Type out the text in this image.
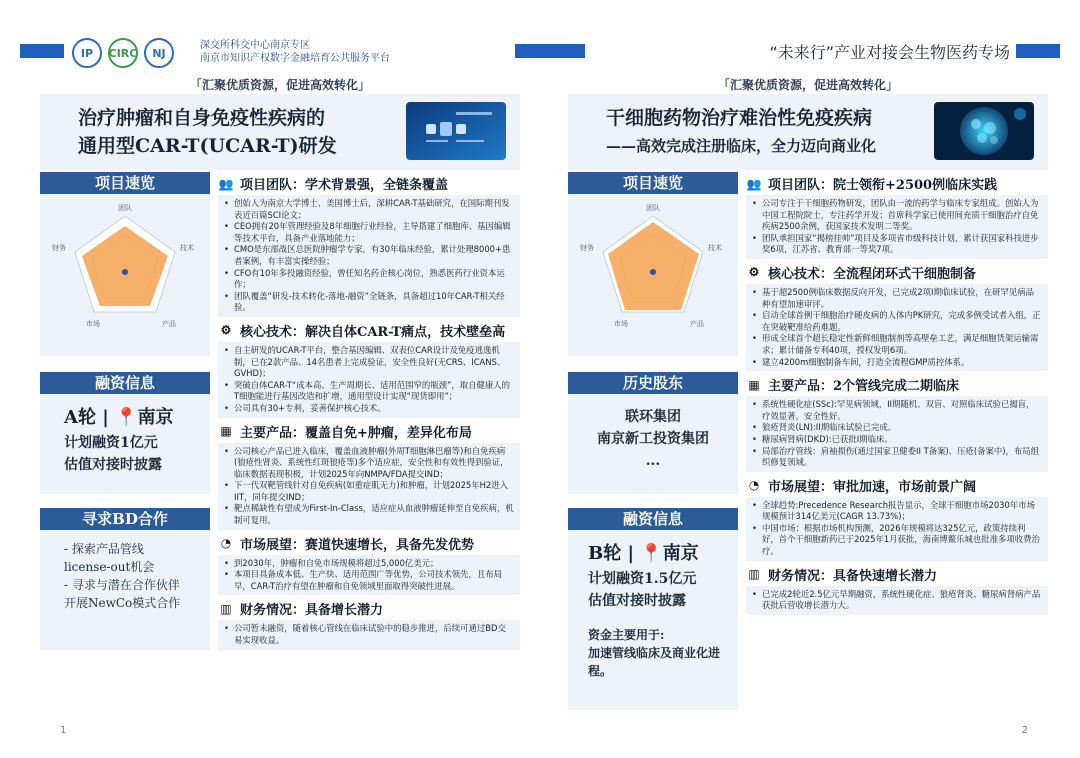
IP	CIRC	NJ
深交所科交中心南京专区
南京市知识产权数字金融培育公共服务平台	“未来行”产业对接会生物医药专场
「汇聚优质资源，促进高效转化」
治疗肿瘤和自身免疫性疾病的
通用型CAR-T(UCAR-T)研发
项目速览
团队
技术
产品
市场
财务
融资信息
A轮 | 📍南京
计划融资1亿元
估值对接时披露
寻求BD合作
- 探索产品管线
license-out机会
- 寻求与潜在合作伙伴
开展NewCo模式合作
👥 项目团队：学术背景强，全链条覆盖
• 创始人为南京大学博士、美国博士后，深耕CAR-T基础研究，在国际期刊发表近百篇SCI论文；
• CEO拥有20年管理经验及8年细胞行业经验，主导搭建了细胞库、基因编辑等技术平台，具备产业落地能力；
• CMO是东部战区总医院肿瘤学专家，有30年临床经验，累计处理8000+患者案例，有丰富实操经验；
• CFO有10年多投融资经验，曾任知名药企核心岗位，熟悉医药行业资本运作；
• 团队覆盖“研发-技术转化-落地-融资”全链条，具备超过10年CAR-T相关经验。
⚙ 核心技术：解决自体CAR-T痛点，技术壁垒高
• 自主研发的UCAR-T平台，整合基因编辑、双表位CAR设计及免疫逃逸机制，已在2款产品、14名患者上完成验证，安全性良好(无CRS、ICANS、GVHD)；
• 突破自体CAR-T“成本高、生产周期长、适用范围窄的瓶颈”，取自健康人的T细胞能进行基因改造和扩增，通用型设计实现“现货即用”；
• 公司具有30+专利，妥善保护核心技术。
▦ 主要产品：覆盖自免+肿瘤，差异化布局
• 公司核心产品已进入临床，覆盖血液肿瘤(外周T细胞淋巴瘤等)和自免疾病(狼疮性肾炎、系统性红斑狼疮等)多个适应症，安全性和有效性得到验证，临床数据表现积极，计划2025年向NMPA/FDA提交IND；
• 下一代双靶管线针对自免疾病(如重症肌无力)和肿瘤，计划2025年H2进入IIT，同年提交IND；
• 靶点稀缺性有望成为First-In-Class，适应症从血液肿瘤延伸至自免疾病，机制可复用。
◔ 市场展望：赛道快速增长，具备先发优势
• 到2030年，肿瘤和自免市场规模将超过5,000亿美元；
• 本项目具备成本低、生产快、适用范围广等优势，公司技术领先，且布局早，CAR-T治疗有望在肿瘤和自免领域里面取得突破性进展。
▥ 财务情况：具备增长潜力
• 公司暂未融资，随着核心管线在临床试验中的稳步推进，后续可通过BD交易实现收益。
1
「汇聚优质资源，促进高效转化」
干细胞药物治疗难治性免疫疾病
——高效完成注册临床，全力迈向商业化
项目速览
团队
技术
产品
市场
财务
历史股东
联环集团
南京新工投资集团
...
融资信息
B轮 | 📍南京
计划融资1.5亿元
估值对接时披露
资金主要用于:
加速管线临床及商业化进程。
👥 项目团队：院士领衔+2500例临床实践
• 公司专注于干细胞药物研发，团队由一流的药学与临床专家组成。创始人为中国工程院院士，专注药学开发；首席科学家已使用间充质干细胞治疗自免疾病2500余例，获国家技术发明二等奖。
• 团队承担国家“揭榜挂帅”项目及多项省市级科技计划，累计获国家科技进步奖6项，江苏省、教育部一等奖7项。
⚙ 核心技术：全流程闭环式干细胞制备
• 基于超2500例临床数据反向开发，已完成2项I期临床试验，在研罕见病品种有望加速审评。
• 启动全球首例干细胞治疗硬皮病的人体内PK研究，完成多例受试者入组，正在突破靶准给药难题。
• 形成全球首个超长稳定性新鲜细胞制剂等高壁垒工艺，满足细胞货架运输需求；累计储备专利40项，授权发明6项。
• 建立4200m细胞制备车间，打造全流程GMP质控体系。
▦ 主要产品：2个管线完成二期临床
• 系统性硬化症(SSc):罕见病领域，II期随机、双盲、对照临床试验已揭盲，疗效显著，安全性好。
• 狼疮肾炎(LN):II期临床试验已完成。
• 糖尿病肾病(DKD):已获批I期临床。
• 局部治疗管线：肩袖损伤(通过国家卫健委II T备案)、压疮(备案中)，布局组织修复领域。
◔ 市场展望：审批加速，市场前景广阔
• 全球趋势:Precedence Research报告显示，全球干细胞市场2030年市场规模预计314亿美元(CAGR 13.73%)；
• 中国市场：根据市场机构预测，2026年规模将达325亿元，政策持续利好，首个干细胞新药已于2025年1月获批，海南博鳌乐城也批准多项收费治疗。
▥ 财务情况：具备快速增长潜力
• 已完成2轮近2.5亿元早期融资，系统性硬化症、狼疮肾炎、糖尿病肾病产品获批后营收增长潜力大。
2
